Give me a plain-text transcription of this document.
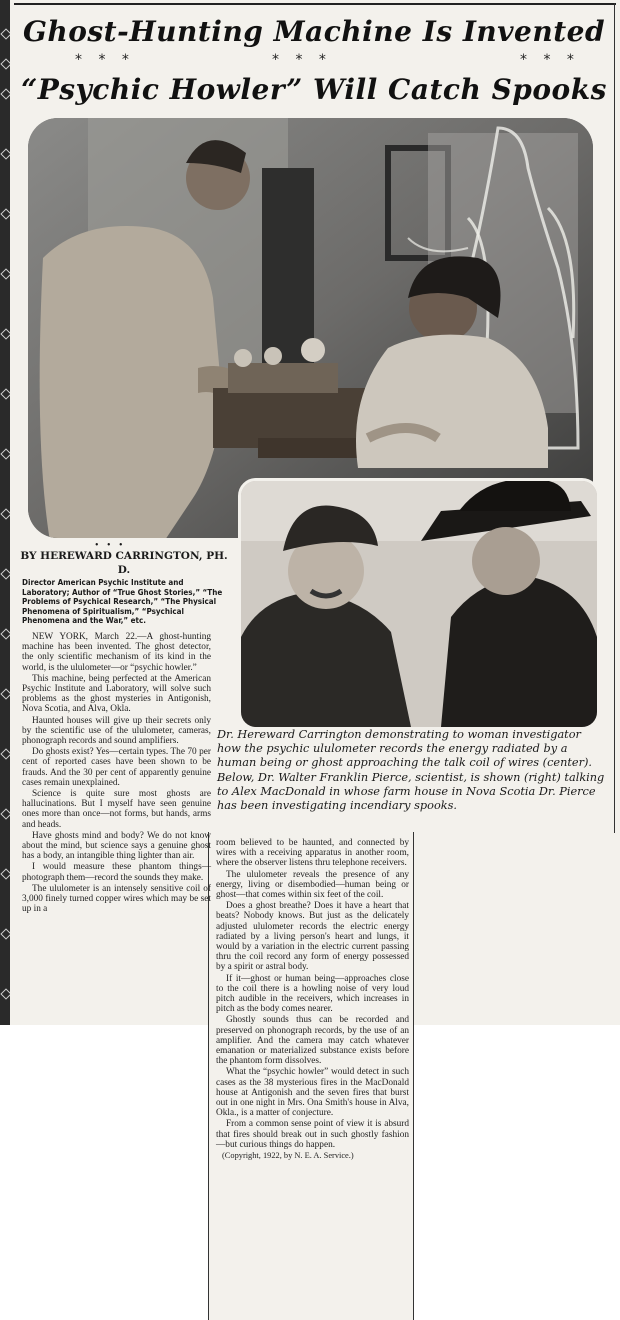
Ghost-Hunting Machine Is Invented
* * *	* * *	* * *
“Psychic Howler” Will Catch Spooks
• • •

BY HEREWARD CARRINGTON, PH. D.

Director American Psychic Institute and Laboratory; Author of “True Ghost Stories,” “The Problems of Psychical Research,” “The Physical Phenomena of Spiritualism,” “Psychical Phenomena and the War,” etc.

Dr. Hereward Carrington demonstrating to woman investigator how the psychic ululometer records the energy radiated by a human being or ghost approaching the talk coil of wires (center). Below, Dr. Walter Franklin Pierce, scientist, is shown (right) talking to Alex MacDonald in whose farm house in Nova Scotia Dr. Pierce has been investigating incendiary spooks.

NEW YORK, March 22.—A ghost-hunting machine has been invented. The ghost detector, the only scientific mechanism of its kind in the world, is the ululometer—or “psychic howler.”

This machine, being perfected at the American Psychic Institute and Laboratory, will solve such problems as the ghost mysteries in Antigonish, Nova Scotia, and Alva, Okla.

Haunted houses will give up their secrets only by the scientific use of the ululometer, cameras, phonograph records and sound amplifiers.

Do ghosts exist? Yes—certain types. The 70 per cent of reported cases have been shown to be frauds. And the 30 per cent of apparently genuine cases remain unexplained.

Science is quite sure most ghosts are hallucinations. But I myself have seen genuine ones more than once—not forms, but hands, arms and heads.

Have ghosts mind and body? We do not know about the mind, but science says a genuine ghost has a body, an intangible thing lighter than air.

I would measure these phantom things—photograph them—record the sounds they make.

The ululometer is an intensely sensitive coil of 3,000 finely turned copper wires which may be set up in a

room believed to be haunted, and connected by wires with a receiving apparatus in another room, where the observer listens thru telephone receivers.

The ululometer reveals the presence of any energy, living or disembodied—human being or ghost—that comes within six feet of the coil.

Does a ghost breathe? Does it have a heart that beats? Nobody knows. But just as the delicately adjusted ululometer records the electric energy radiated by a living person's heart and lungs, it would by a variation in the electric current passing thru the coil record any form of energy possessed by a spirit or astral body.

If it—ghost or human being—approaches close to the coil there is a howling noise of very loud pitch audible in the receivers, which increases in pitch as the body comes nearer.

Ghostly sounds thus can be recorded and preserved on phonograph records, by the use of an amplifier. And the camera may catch whatever emanation or materialized substance exists before the phantom form dissolves.

What the “psychic howler” would detect in such cases as the 38 mysterious fires in the MacDonald house at Antigonish and the seven fires that burst out in one night in Mrs. Ona Smith's house in Alva, Okla., is a matter of conjecture.

From a common sense point of view it is absurd that fires should break out in such ghostly fashion—but curious things do happen.

(Copyright, 1922, by N. E. A. Service.)
